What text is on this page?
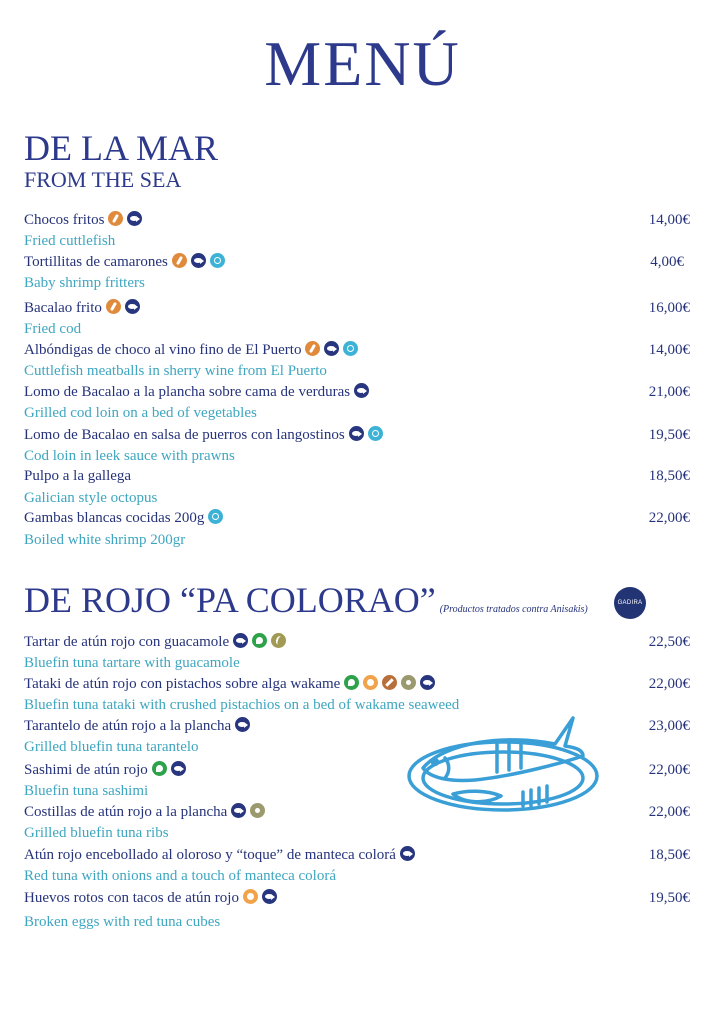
MENÚ
DE LA MAR
FROM THE SEA
Chocos fritos	14,00€
Fried cuttlefish
Tortillitas de camarones	4,00€
Baby shrimp fritters
Bacalao frito	16,00€
Fried cod
Albóndigas de choco al vino fino de El Puerto	14,00€
Cuttlefish meatballs in sherry wine from El Puerto
Lomo de Bacalao a la plancha sobre cama de verduras	21,00€
Grilled cod loin on a bed of vegetables
Lomo de Bacalao en salsa de puerros con langostinos	19,50€
Cod loin in leek sauce with prawns
Pulpo a la gallega	18,50€
Galician style octopus
Gambas blancas cocidas 200g	22,00€
Boiled white shrimp 200gr
DE ROJO “PA COLORAO” (Productos tratados contra Anisakis)
GADIRA
Tartar de atún rojo con guacamole	22,50€
Bluefin tuna tartare with guacamole
Tataki de atún rojo con pistachos sobre alga wakame	22,00€
Bluefin tuna tataki with crushed pistachios on a bed of wakame seaweed
Tarantelo de atún rojo a la plancha	23,00€
Grilled bluefin tuna tarantelo
Sashimi de atún rojo	22,00€
Bluefin tuna sashimi
Costillas de atún rojo a la plancha	22,00€
Grilled bluefin tuna ribs
Atún rojo encebollado al oloroso y “toque” de manteca colorá	18,50€
Red tuna with onions and a touch of manteca colorá
Huevos rotos con tacos de atún rojo	19,50€
Broken eggs with red tuna cubes
